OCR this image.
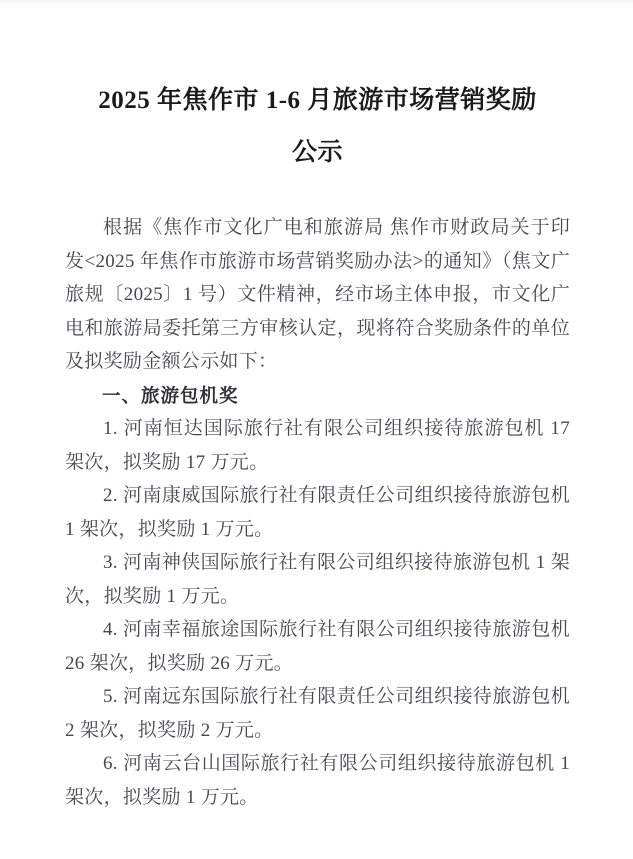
2025 年焦作市 1-6 月旅游市场营销奖励
公示

根据《焦作市文化广电和旅游局 焦作市财政局关于印发<2025 年焦作市旅游市场营销奖励办法>的通知》（焦文广旅规〔2025〕1 号）文件精神，经市场主体申报，市文化广电和旅游局委托第三方审核认定，现将符合奖励条件的单位及拟奖励金额公示如下：

一、旅游包机奖

1. 河南恒达国际旅行社有限公司组织接待旅游包机 17 架次，拟奖励 17 万元。

2. 河南康威国际旅行社有限责任公司组织接待旅游包机 1 架次，拟奖励 1 万元。

3. 河南神侠国际旅行社有限公司组织接待旅游包机 1 架次，拟奖励 1 万元。

4. 河南幸福旅途国际旅行社有限公司组织接待旅游包机 26 架次，拟奖励 26 万元。

5. 河南远东国际旅行社有限责任公司组织接待旅游包机 2 架次，拟奖励 2 万元。

6. 河南云台山国际旅行社有限公司组织接待旅游包机 1 架次，拟奖励 1 万元。
